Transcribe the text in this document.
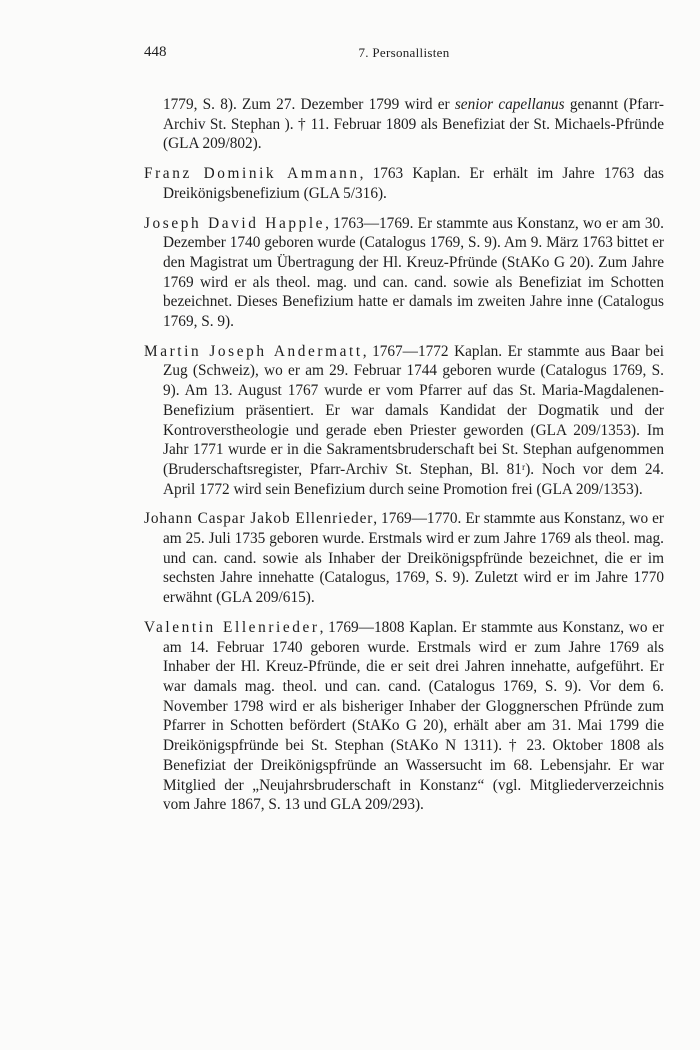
448	7. Personallisten

1779, S. 8). Zum 27. Dezember 1799 wird er senior capellanus genannt (Pfarr-Archiv St. Stephan ). † 11. Februar 1809 als Benefiziat der St. Michaels-Pfründe (GLA 209/802).

Franz Dominik Ammann, 1763 Kaplan. Er erhält im Jahre 1763 das Dreikönigsbenefizium (GLA 5/316).

Joseph David Happle, 1763—1769. Er stammte aus Konstanz, wo er am 30. Dezember 1740 geboren wurde (Catalogus 1769, S. 9). Am 9. März 1763 bittet er den Magistrat um Übertragung der Hl. Kreuz-Pfründe (StAKo G 20). Zum Jahre 1769 wird er als theol. mag. und can. cand. sowie als Benefiziat im Schotten bezeichnet. Dieses Benefizium hatte er damals im zweiten Jahre inne (Catalogus 1769, S. 9).

Martin Joseph Andermatt, 1767—1772 Kaplan. Er stammte aus Baar bei Zug (Schweiz), wo er am 29. Februar 1744 geboren wurde (Catalogus 1769, S. 9). Am 13. August 1767 wurde er vom Pfarrer auf das St. Maria-Magdalenen-Benefizium präsentiert. Er war damals Kandidat der Dogmatik und der Kontroverstheologie und gerade eben Priester geworden (GLA 209/1353). Im Jahr 1771 wurde er in die Sakramentsbruderschaft bei St. Stephan aufgenommen (Bruderschaftsregister, Pfarr-Archiv St. Stephan, Bl. 81ʳ). Noch vor dem 24. April 1772 wird sein Benefizium durch seine Promotion frei (GLA 209/1353).

Johann Caspar Jakob Ellenrieder, 1769—1770. Er stammte aus Konstanz, wo er am 25. Juli 1735 geboren wurde. Erstmals wird er zum Jahre 1769 als theol. mag. und can. cand. sowie als Inhaber der Dreikönigspfründe bezeichnet, die er im sechsten Jahre innehatte (Catalogus, 1769, S. 9). Zuletzt wird er im Jahre 1770 erwähnt (GLA 209/615).

Valentin Ellenrieder, 1769—1808 Kaplan. Er stammte aus Konstanz, wo er am 14. Februar 1740 geboren wurde. Erstmals wird er zum Jahre 1769 als Inhaber der Hl. Kreuz-Pfründe, die er seit drei Jahren innehatte, aufgeführt. Er war damals mag. theol. und can. cand. (Catalogus 1769, S. 9). Vor dem 6. November 1798 wird er als bisheriger Inhaber der Gloggnerschen Pfründe zum Pfarrer in Schotten befördert (StAKo G 20), erhält aber am 31. Mai 1799 die Dreikönigspfründe bei St. Stephan (StAKo N 1311). † 23. Oktober 1808 als Benefiziat der Dreikönigspfründe an Wassersucht im 68. Lebensjahr. Er war Mitglied der „Neujahrsbruderschaft in Konstanz“ (vgl. Mitgliederverzeichnis vom Jahre 1867, S. 13 und GLA 209/293).
